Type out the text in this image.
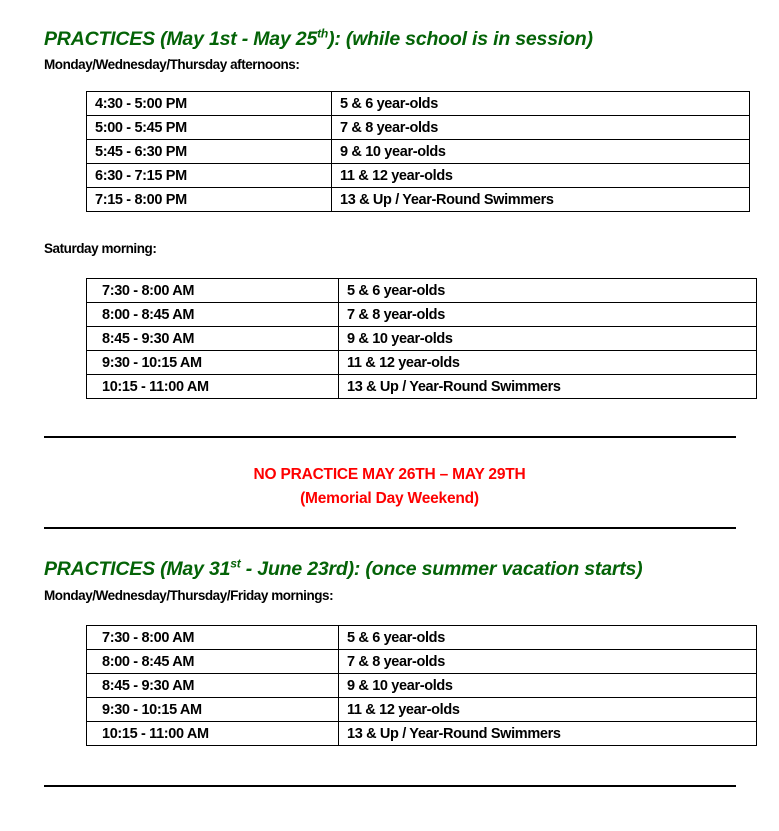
PRACTICES (May 1st - May 25th): (while school is in session)
Monday/Wednesday/Thursday afternoons:
4:30 - 5:00 PM	5 & 6 year-olds
5:00 - 5:45 PM	7 & 8 year-olds
5:45 - 6:30 PM	9 & 10 year-olds
6:30 - 7:15 PM	11 & 12 year-olds
7:15 - 8:00 PM	13 & Up / Year-Round Swimmers
Saturday morning:
7:30 - 8:00 AM	5 & 6 year-olds
8:00 - 8:45 AM	7 & 8 year-olds
8:45 - 9:30 AM	9 & 10 year-olds
9:30 - 10:15 AM	11 & 12 year-olds
10:15 - 11:00 AM	13 & Up / Year-Round Swimmers
NO PRACTICE MAY 26TH – MAY 29TH
(Memorial Day Weekend)
PRACTICES (May 31st - June 23rd): (once summer vacation starts)
Monday/Wednesday/Thursday/Friday mornings:
7:30 - 8:00 AM	5 & 6 year-olds
8:00 - 8:45 AM	7 & 8 year-olds
8:45 - 9:30 AM	9 & 10 year-olds
9:30 - 10:15 AM	11 & 12 year-olds
10:15 - 11:00 AM	13 & Up / Year-Round Swimmers
